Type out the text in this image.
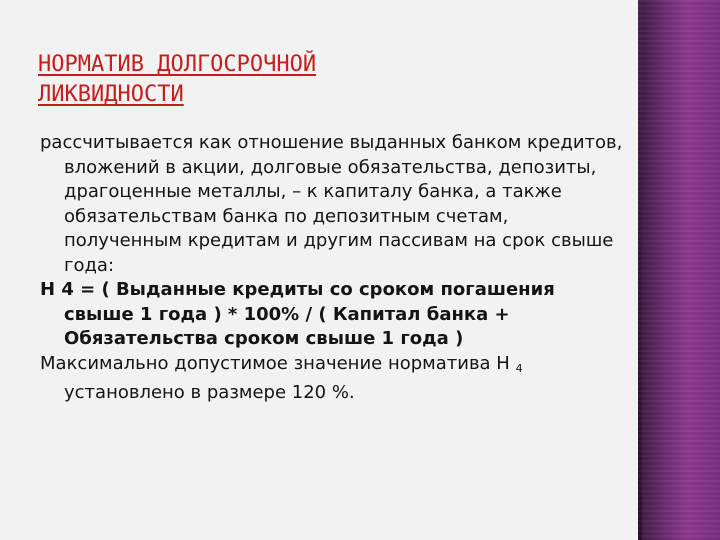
НОРМАТИВ ДОЛГОСРОЧНОЙ ЛИКВИДНОСТИ

рассчитывается как отношение выданных банком кредитов, вложений в акции, долговые обязательства, депозиты, драгоценные металлы, – к капиталу банка, а также обязательствам банка по депозитным счетам, полученным кредитам и другим пассивам на срок свыше года:

Н 4 = ( Выданные кредиты со сроком погашения свыше 1 года ) * 100% / ( Капитал банка + Обязательства сроком свыше 1 года )

Максимально допустимое значение норматива Н $_4$ установлено в размере 120 %.
